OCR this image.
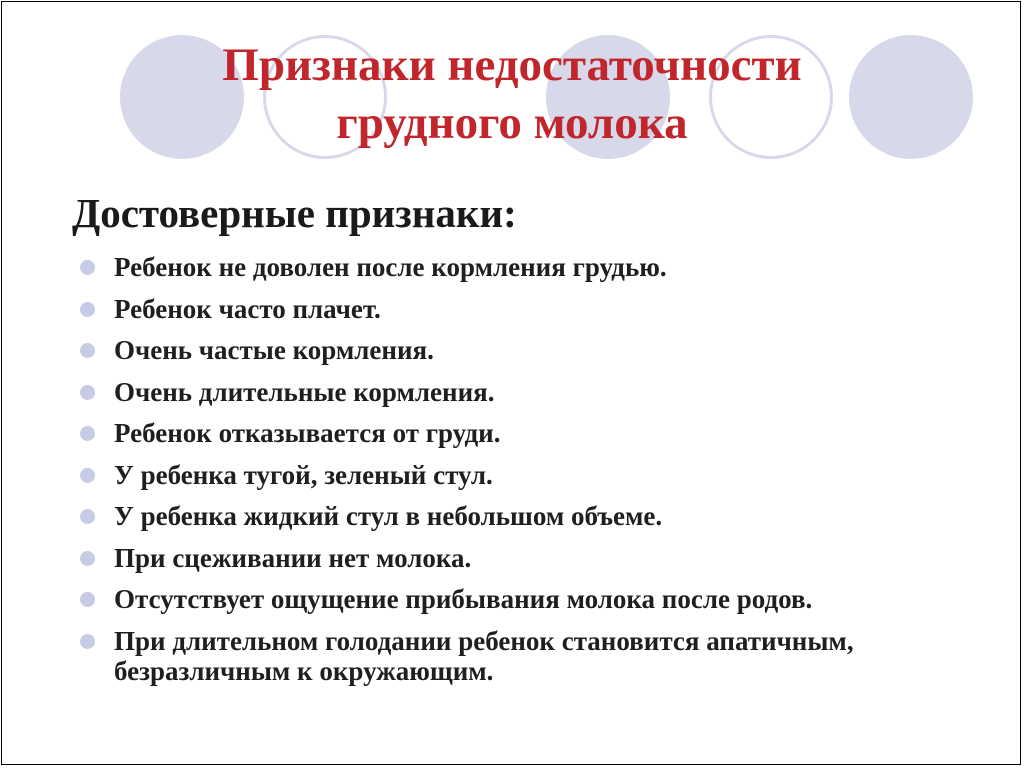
Признаки недостаточности
грудного молока
Достоверные признаки:
Ребенок не доволен после кормления грудью.
Ребенок часто плачет.
Очень частые кормления.
Очень длительные кормления.
Ребенок отказывается от груди.
У ребенка тугой, зеленый стул.
У ребенка жидкий стул в небольшом объеме.
При сцеживании нет молока.
Отсутствует ощущение прибывания молока после родов.
При длительном голодании ребенок становится апатичным, безразличным к окружающим.
